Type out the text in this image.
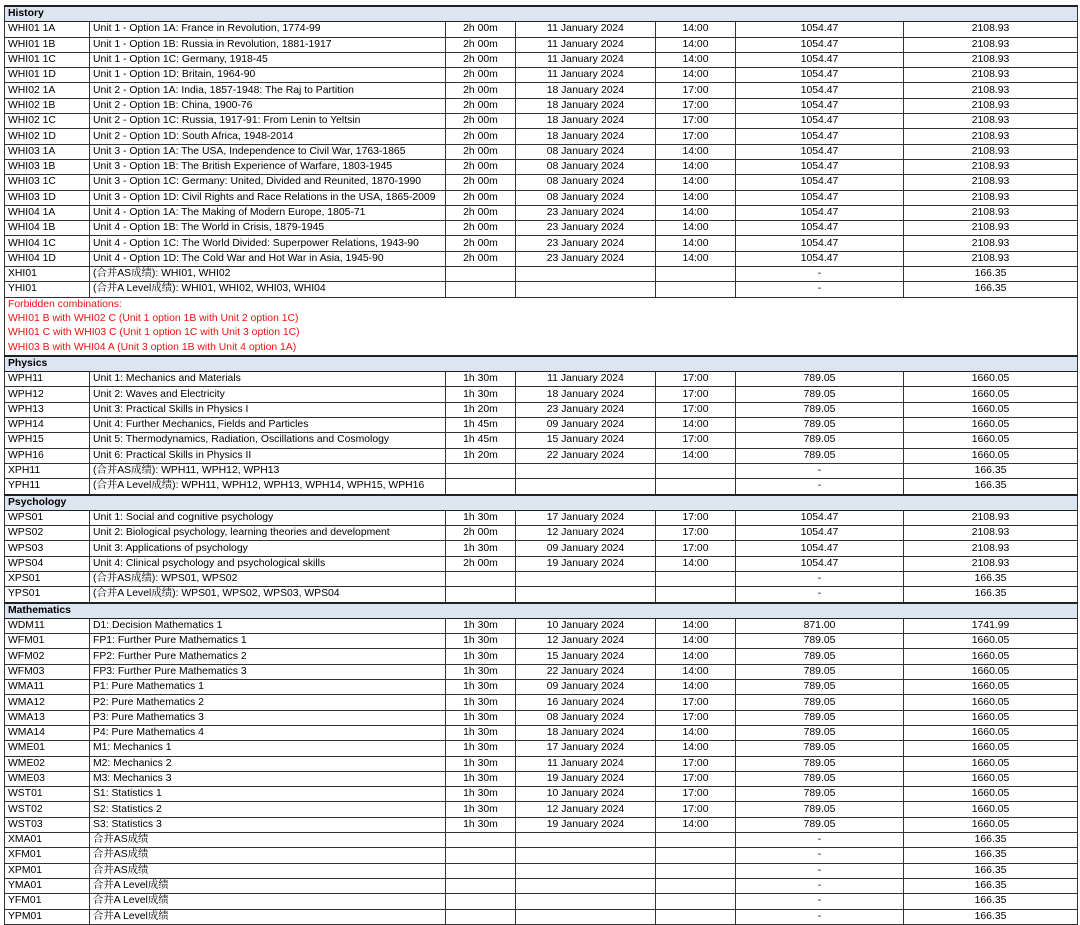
History						
WHI01 1A	Unit 1 - Option 1A: France in Revolution, 1774-99	2h 00m	11 January 2024	14:00	1054.47	2108.93
WHI01 1B	Unit 1 - Option 1B: Russia in Revolution, 1881-1917	2h 00m	11 January 2024	14:00	1054.47	2108.93
WHI01 1C	Unit 1 - Option 1C: Germany, 1918-45	2h 00m	11 January 2024	14:00	1054.47	2108.93
WHI01 1D	Unit 1 - Option 1D: Britain, 1964-90	2h 00m	11 January 2024	14:00	1054.47	2108.93
WHI02 1A	Unit 2 - Option 1A: India, 1857-1948: The Raj to Partition	2h 00m	18 January 2024	17:00	1054.47	2108.93
WHI02 1B	Unit 2 - Option 1B: China, 1900-76	2h 00m	18 January 2024	17:00	1054.47	2108.93
WHI02 1C	Unit 2 - Option 1C: Russia, 1917-91: From Lenin to Yeltsin	2h 00m	18 January 2024	17:00	1054.47	2108.93
WHI02 1D	Unit 2 - Option 1D: South Africa, 1948-2014	2h 00m	18 January 2024	17:00	1054.47	2108.93
WHI03 1A	Unit 3 - Option 1A: The USA, Independence to Civil War, 1763-1865	2h 00m	08 January 2024	14:00	1054.47	2108.93
WHI03 1B	Unit 3 - Option 1B: The British Experience of Warfare, 1803-1945	2h 00m	08 January 2024	14:00	1054.47	2108.93
WHI03 1C	Unit 3 - Option 1C: Germany: United, Divided and Reunited, 1870-1990	2h 00m	08 January 2024	14:00	1054.47	2108.93
WHI03 1D	Unit 3 - Option 1D: Civil Rights and Race Relations in the USA, 1865-2009	2h 00m	08 January 2024	14:00	1054.47	2108.93
WHI04 1A	Unit 4 - Option 1A: The Making of Modern Europe, 1805-71	2h 00m	23 January 2024	14:00	1054.47	2108.93
WHI04 1B	Unit 4 - Option 1B: The World in Crisis, 1879-1945	2h 00m	23 January 2024	14:00	1054.47	2108.93
WHI04 1C	Unit 4 - Option 1C: The World Divided: Superpower Relations, 1943-90	2h 00m	23 January 2024	14:00	1054.47	2108.93
WHI04 1D	Unit 4 - Option 1D: The Cold War and Hot War in Asia, 1945-90	2h 00m	23 January 2024	14:00	1054.47	2108.93
XHI01	(合并AS成绩): WHI01, WHI02				-	166.35
YHI01	(合并A Level成绩): WHI01, WHI02, WHI03, WHI04				-	166.35
Forbidden combinations:						
WHI01 B with WHI02 C (Unit 1 option 1B with Unit 2 option 1C)						
WHI01 C with WHI03 C (Unit 1 option 1C with Unit 3 option 1C)						
WHI03 B with WHI04 A (Unit 3 option 1B with Unit 4 option 1A)						
Physics						
WPH11	Unit 1: Mechanics and Materials	1h 30m	11 January 2024	17:00	789.05	1660.05
WPH12	Unit 2: Waves and Electricity	1h 30m	18 January 2024	17:00	789.05	1660.05
WPH13	Unit 3: Practical Skills in Physics I	1h 20m	23 January 2024	17:00	789.05	1660.05
WPH14	Unit 4: Further Mechanics, Fields and Particles	1h 45m	09 January 2024	14:00	789.05	1660.05
WPH15	Unit 5: Thermodynamics, Radiation, Oscillations and Cosmology	1h 45m	15 January 2024	17:00	789.05	1660.05
WPH16	Unit 6: Practical Skills in Physics II	1h 20m	22 January 2024	14:00	789.05	1660.05
XPH11	(合并AS成绩): WPH11, WPH12, WPH13				-	166.35
YPH11	(合并A Level成绩): WPH11, WPH12, WPH13, WPH14, WPH15, WPH16				-	166.35
Psychology						
WPS01	Unit 1: Social and cognitive psychology	1h 30m	17 January 2024	17:00	1054.47	2108.93
WPS02	Unit 2: Biological psychology, learning theories and development	2h 00m	12 January 2024	17:00	1054.47	2108.93
WPS03	Unit 3: Applications of psychology	1h 30m	09 January 2024	17:00	1054.47	2108.93
WPS04	Unit 4: Clinical psychology and psychological skills	2h 00m	19 January 2024	14:00	1054.47	2108.93
XPS01	(合并AS成绩): WPS01, WPS02				-	166.35
YPS01	(合并A Level成绩): WPS01, WPS02, WPS03, WPS04				-	166.35
Mathematics						
WDM11	D1: Decision Mathematics 1	1h 30m	10 January 2024	14:00	871.00	1741.99
WFM01	FP1: Further Pure Mathematics 1	1h 30m	12 January 2024	14:00	789.05	1660.05
WFM02	FP2: Further Pure Mathematics 2	1h 30m	15 January 2024	14:00	789.05	1660.05
WFM03	FP3: Further Pure Mathematics 3	1h 30m	22 January 2024	14:00	789.05	1660.05
WMA11	P1: Pure Mathematics 1	1h 30m	09 January 2024	14:00	789.05	1660.05
WMA12	P2: Pure Mathematics 2	1h 30m	16 January 2024	17:00	789.05	1660.05
WMA13	P3: Pure Mathematics 3	1h 30m	08 January 2024	17:00	789.05	1660.05
WMA14	P4: Pure Mathematics 4	1h 30m	18 January 2024	14:00	789.05	1660.05
WME01	M1: Mechanics 1	1h 30m	17 January 2024	14:00	789.05	1660.05
WME02	M2: Mechanics 2	1h 30m	11 January 2024	17:00	789.05	1660.05
WME03	M3: Mechanics 3	1h 30m	19 January 2024	17:00	789.05	1660.05
WST01	S1: Statistics 1	1h 30m	10 January 2024	17:00	789.05	1660.05
WST02	S2: Statistics 2	1h 30m	12 January 2024	17:00	789.05	1660.05
WST03	S3: Statistics 3	1h 30m	19 January 2024	14:00	789.05	1660.05
XMA01	合并AS成绩				-	166.35
XFM01	合并AS成绩				-	166.35
XPM01	合并AS成绩				-	166.35
YMA01	合并A Level成绩				-	166.35
YFM01	合并A Level成绩				-	166.35
YPM01	合并A Level成绩				-	166.35
